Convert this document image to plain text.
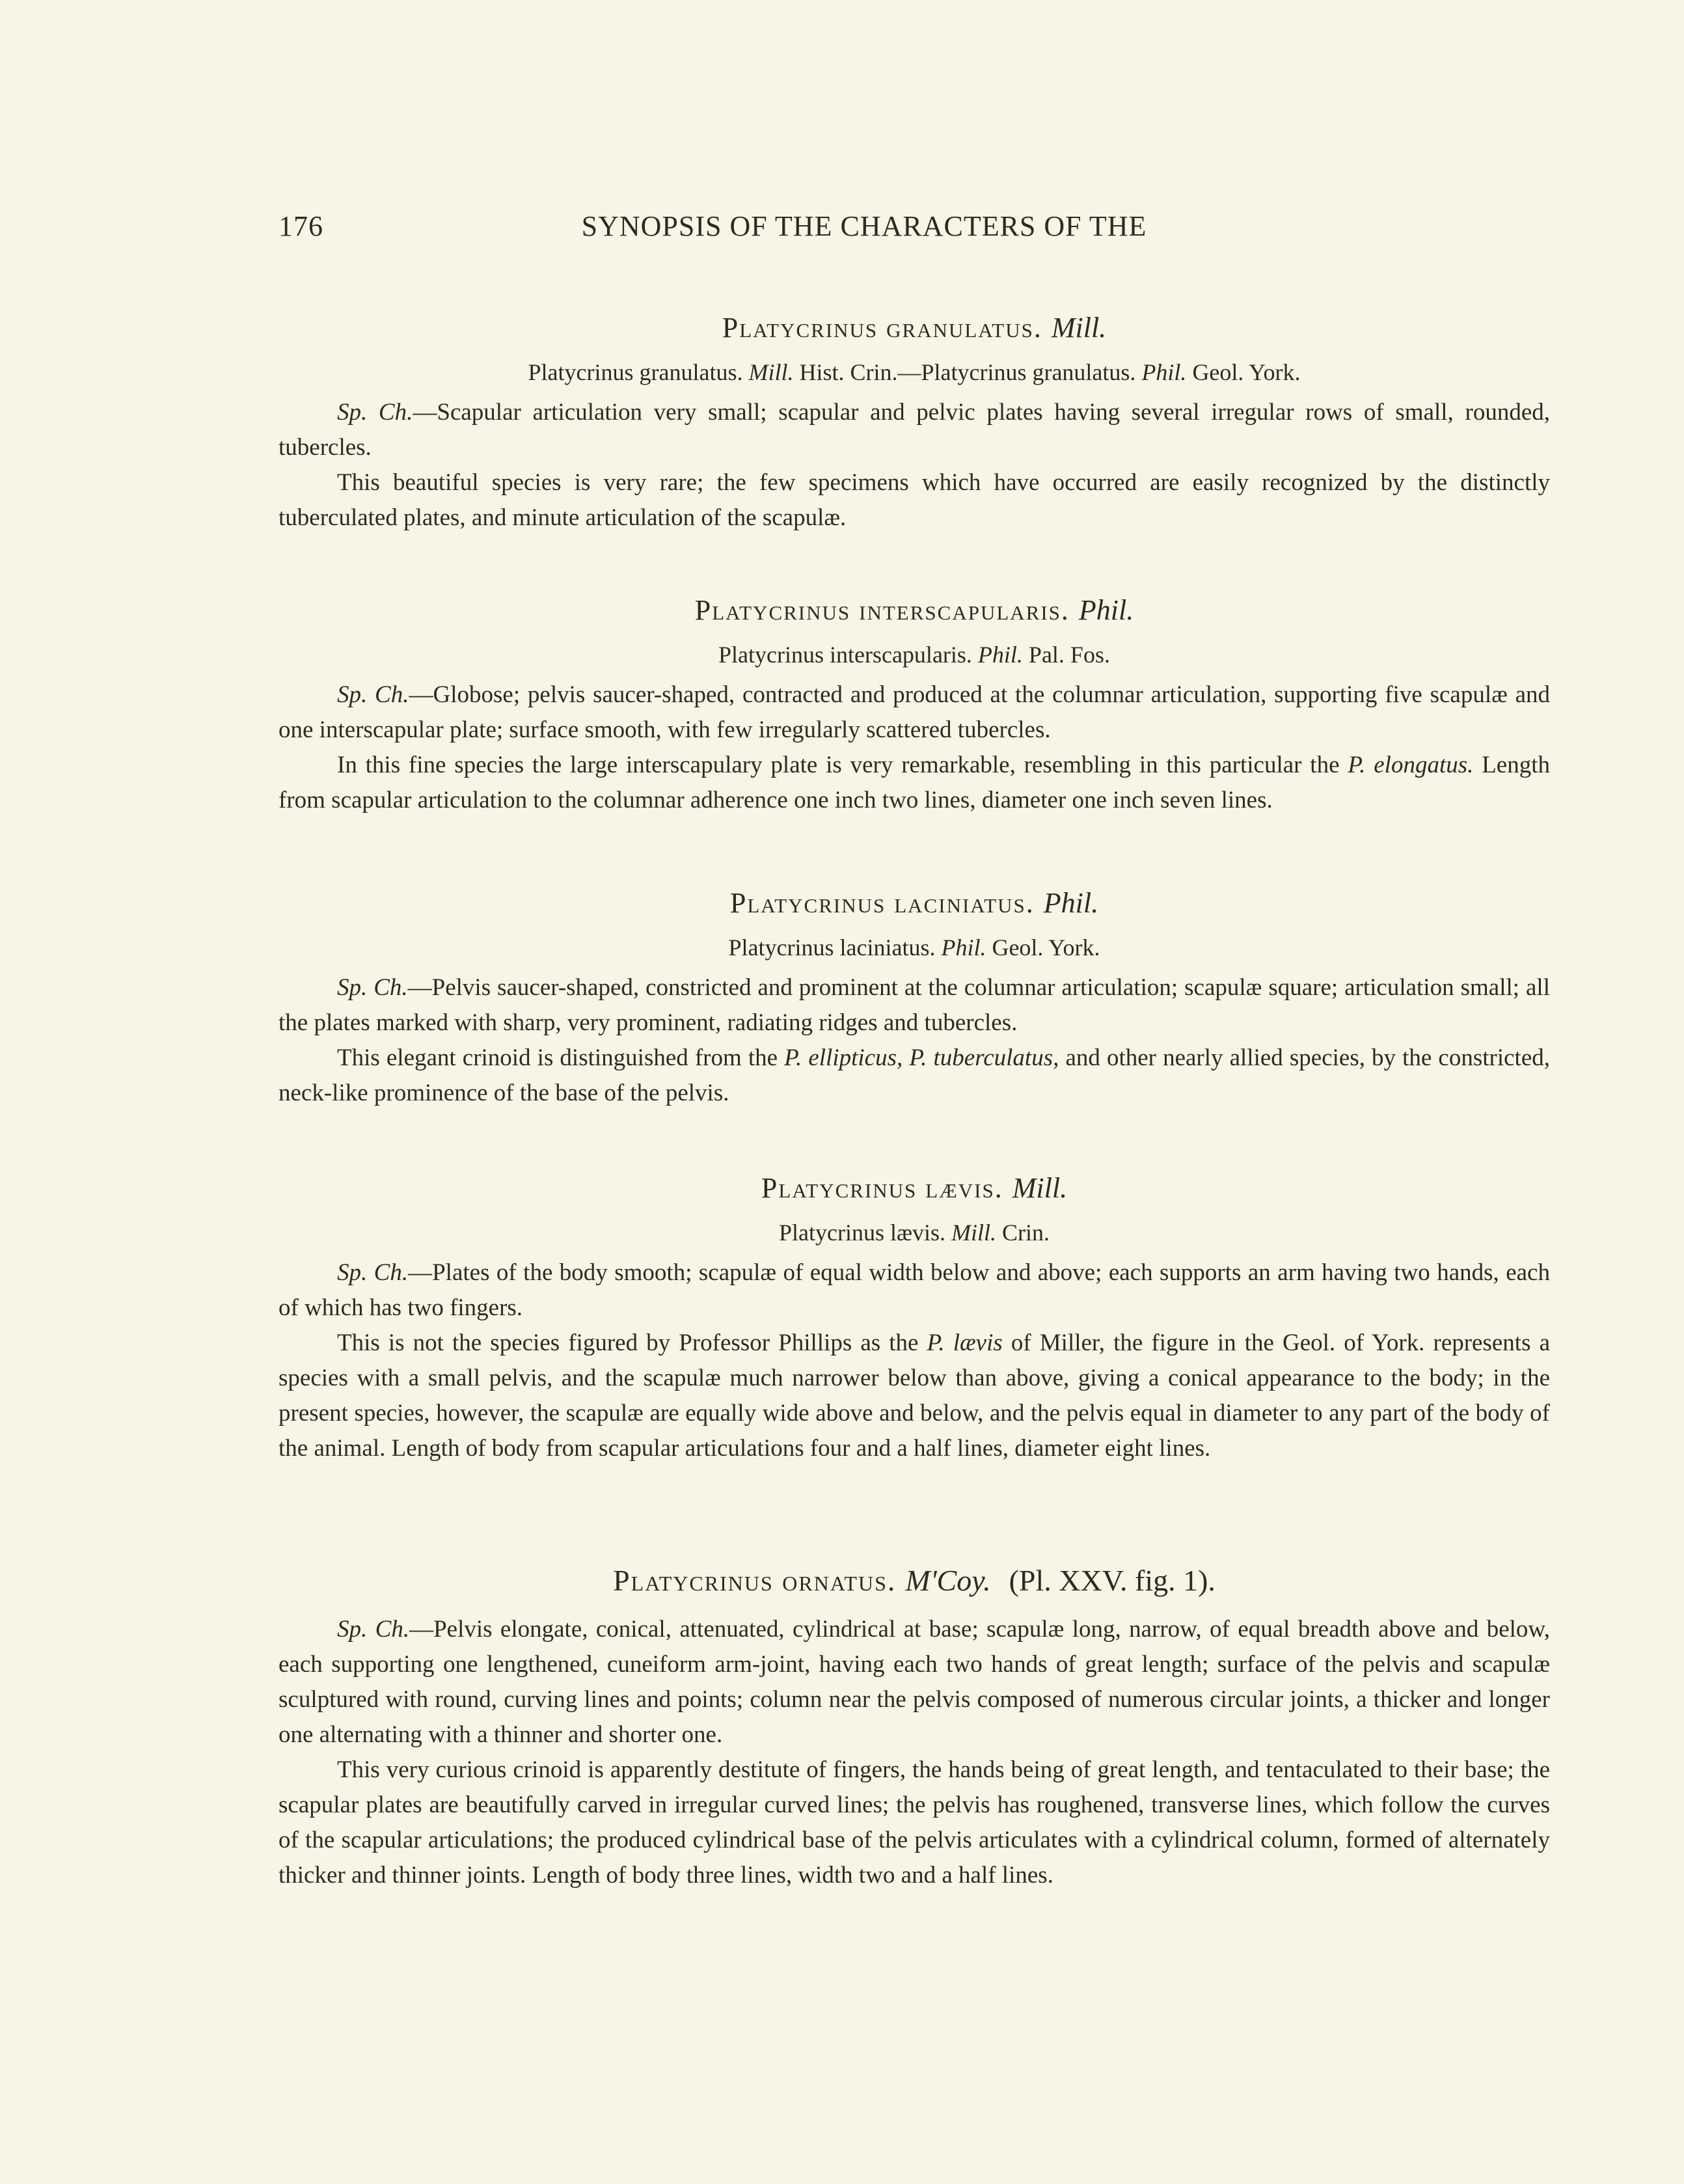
176	SYNOPSIS OF THE CHARACTERS OF THE
Platycrinus granulatus. Mill.
Platycrinus granulatus. Mill. Hist. Crin.—Platycrinus granulatus. Phil. Geol. York.

Sp. Ch.—Scapular articulation very small; scapular and pelvic plates having several irregular rows of small, rounded, tubercles.

This beautiful species is very rare; the few specimens which have occurred are easily recognized by the distinctly tuberculated plates, and minute articulation of the scapulæ.

Platycrinus interscapularis. Phil.
Platycrinus interscapularis. Phil. Pal. Fos.

Sp. Ch.—Globose; pelvis saucer-shaped, contracted and produced at the columnar articulation, supporting five scapulæ and one interscapular plate; surface smooth, with few irregularly scattered tubercles.

In this fine species the large interscapulary plate is very remarkable, resembling in this particular the P. elongatus. Length from scapular articulation to the columnar adherence one inch two lines, diameter one inch seven lines.

Platycrinus laciniatus. Phil.
Platycrinus laciniatus. Phil. Geol. York.

Sp. Ch.—Pelvis saucer-shaped, constricted and prominent at the columnar articulation; scapulæ square; articulation small; all the plates marked with sharp, very prominent, radiating ridges and tubercles.

This elegant crinoid is distinguished from the P. ellipticus, P. tuberculatus, and other nearly allied species, by the constricted, neck-like prominence of the base of the pelvis.

Platycrinus lævis. Mill.
Platycrinus lævis. Mill. Crin.

Sp. Ch.—Plates of the body smooth; scapulæ of equal width below and above; each supports an arm having two hands, each of which has two fingers.

This is not the species figured by Professor Phillips as the P. lævis of Miller, the figure in the Geol. of York. represents a species with a small pelvis, and the scapulæ much narrower below than above, giving a conical appearance to the body; in the present species, however, the scapulæ are equally wide above and below, and the pelvis equal in diameter to any part of the body of the animal. Length of body from scapular articulations four and a half lines, diameter eight lines.

Platycrinus ornatus. M'Coy. (Pl. XXV. fig. 1).

Sp. Ch.—Pelvis elongate, conical, attenuated, cylindrical at base; scapulæ long, narrow, of equal breadth above and below, each supporting one lengthened, cuneiform arm-joint, having each two hands of great length; surface of the pelvis and scapulæ sculptured with round, curving lines and points; column near the pelvis composed of numerous circular joints, a thicker and longer one alternating with a thinner and shorter one.

This very curious crinoid is apparently destitute of fingers, the hands being of great length, and tentaculated to their base; the scapular plates are beautifully carved in irregular curved lines; the pelvis has roughened, transverse lines, which follow the curves of the scapular articulations; the produced cylindrical base of the pelvis articulates with a cylindrical column, formed of alternately thicker and thinner joints. Length of body three lines, width two and a half lines.
